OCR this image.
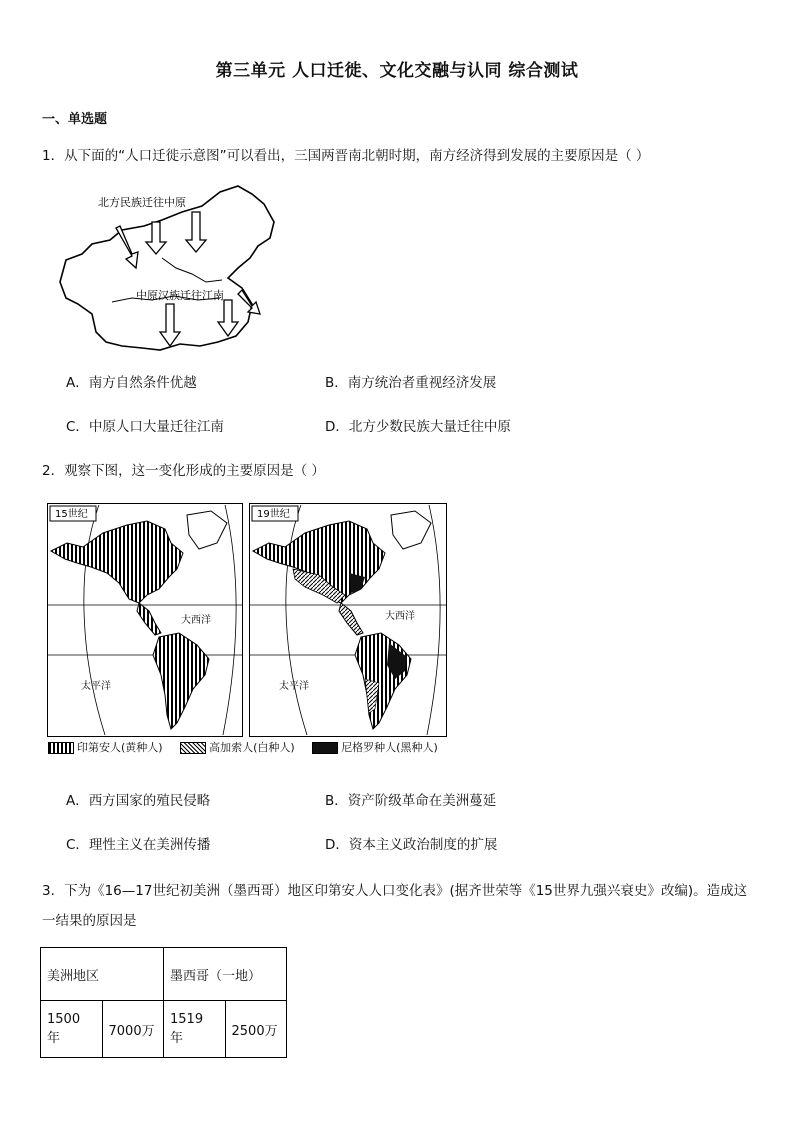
第三单元 人口迁徙、文化交融与认同 综合测试
一、单选题
1．从下面的“人口迁徙示意图”可以看出，三国两晋南北朝时期，南方经济得到发展的主要原因是（ ）
北方民族迁往中原
中原汉族迁往江南
A．南方自然条件优越	B．南方统治者重视经济发展
C．中原人口大量迁往江南	D．北方少数民族大量迁往中原
2．观察下图，这一变化形成的主要原因是（ ）
15世纪
大西洋
太平洋
19世纪
大西洋
太平洋
印第安人(黄种人)	高加索人(白种人)	尼格罗种人(黑种人)
A．西方国家的殖民侵略	B．资产阶级革命在美洲蔓延
C．理性主义在美洲传播	D．资本主义政治制度的扩展
3．下为《16—17世纪初美洲（墨西哥）地区印第安人人口变化表》(据齐世荣等《15世界九强兴衰史》改编)。造成这一结果的原因是
美洲地区		墨西哥（一地）	
1500 年	7000万	1519 年	2500万
